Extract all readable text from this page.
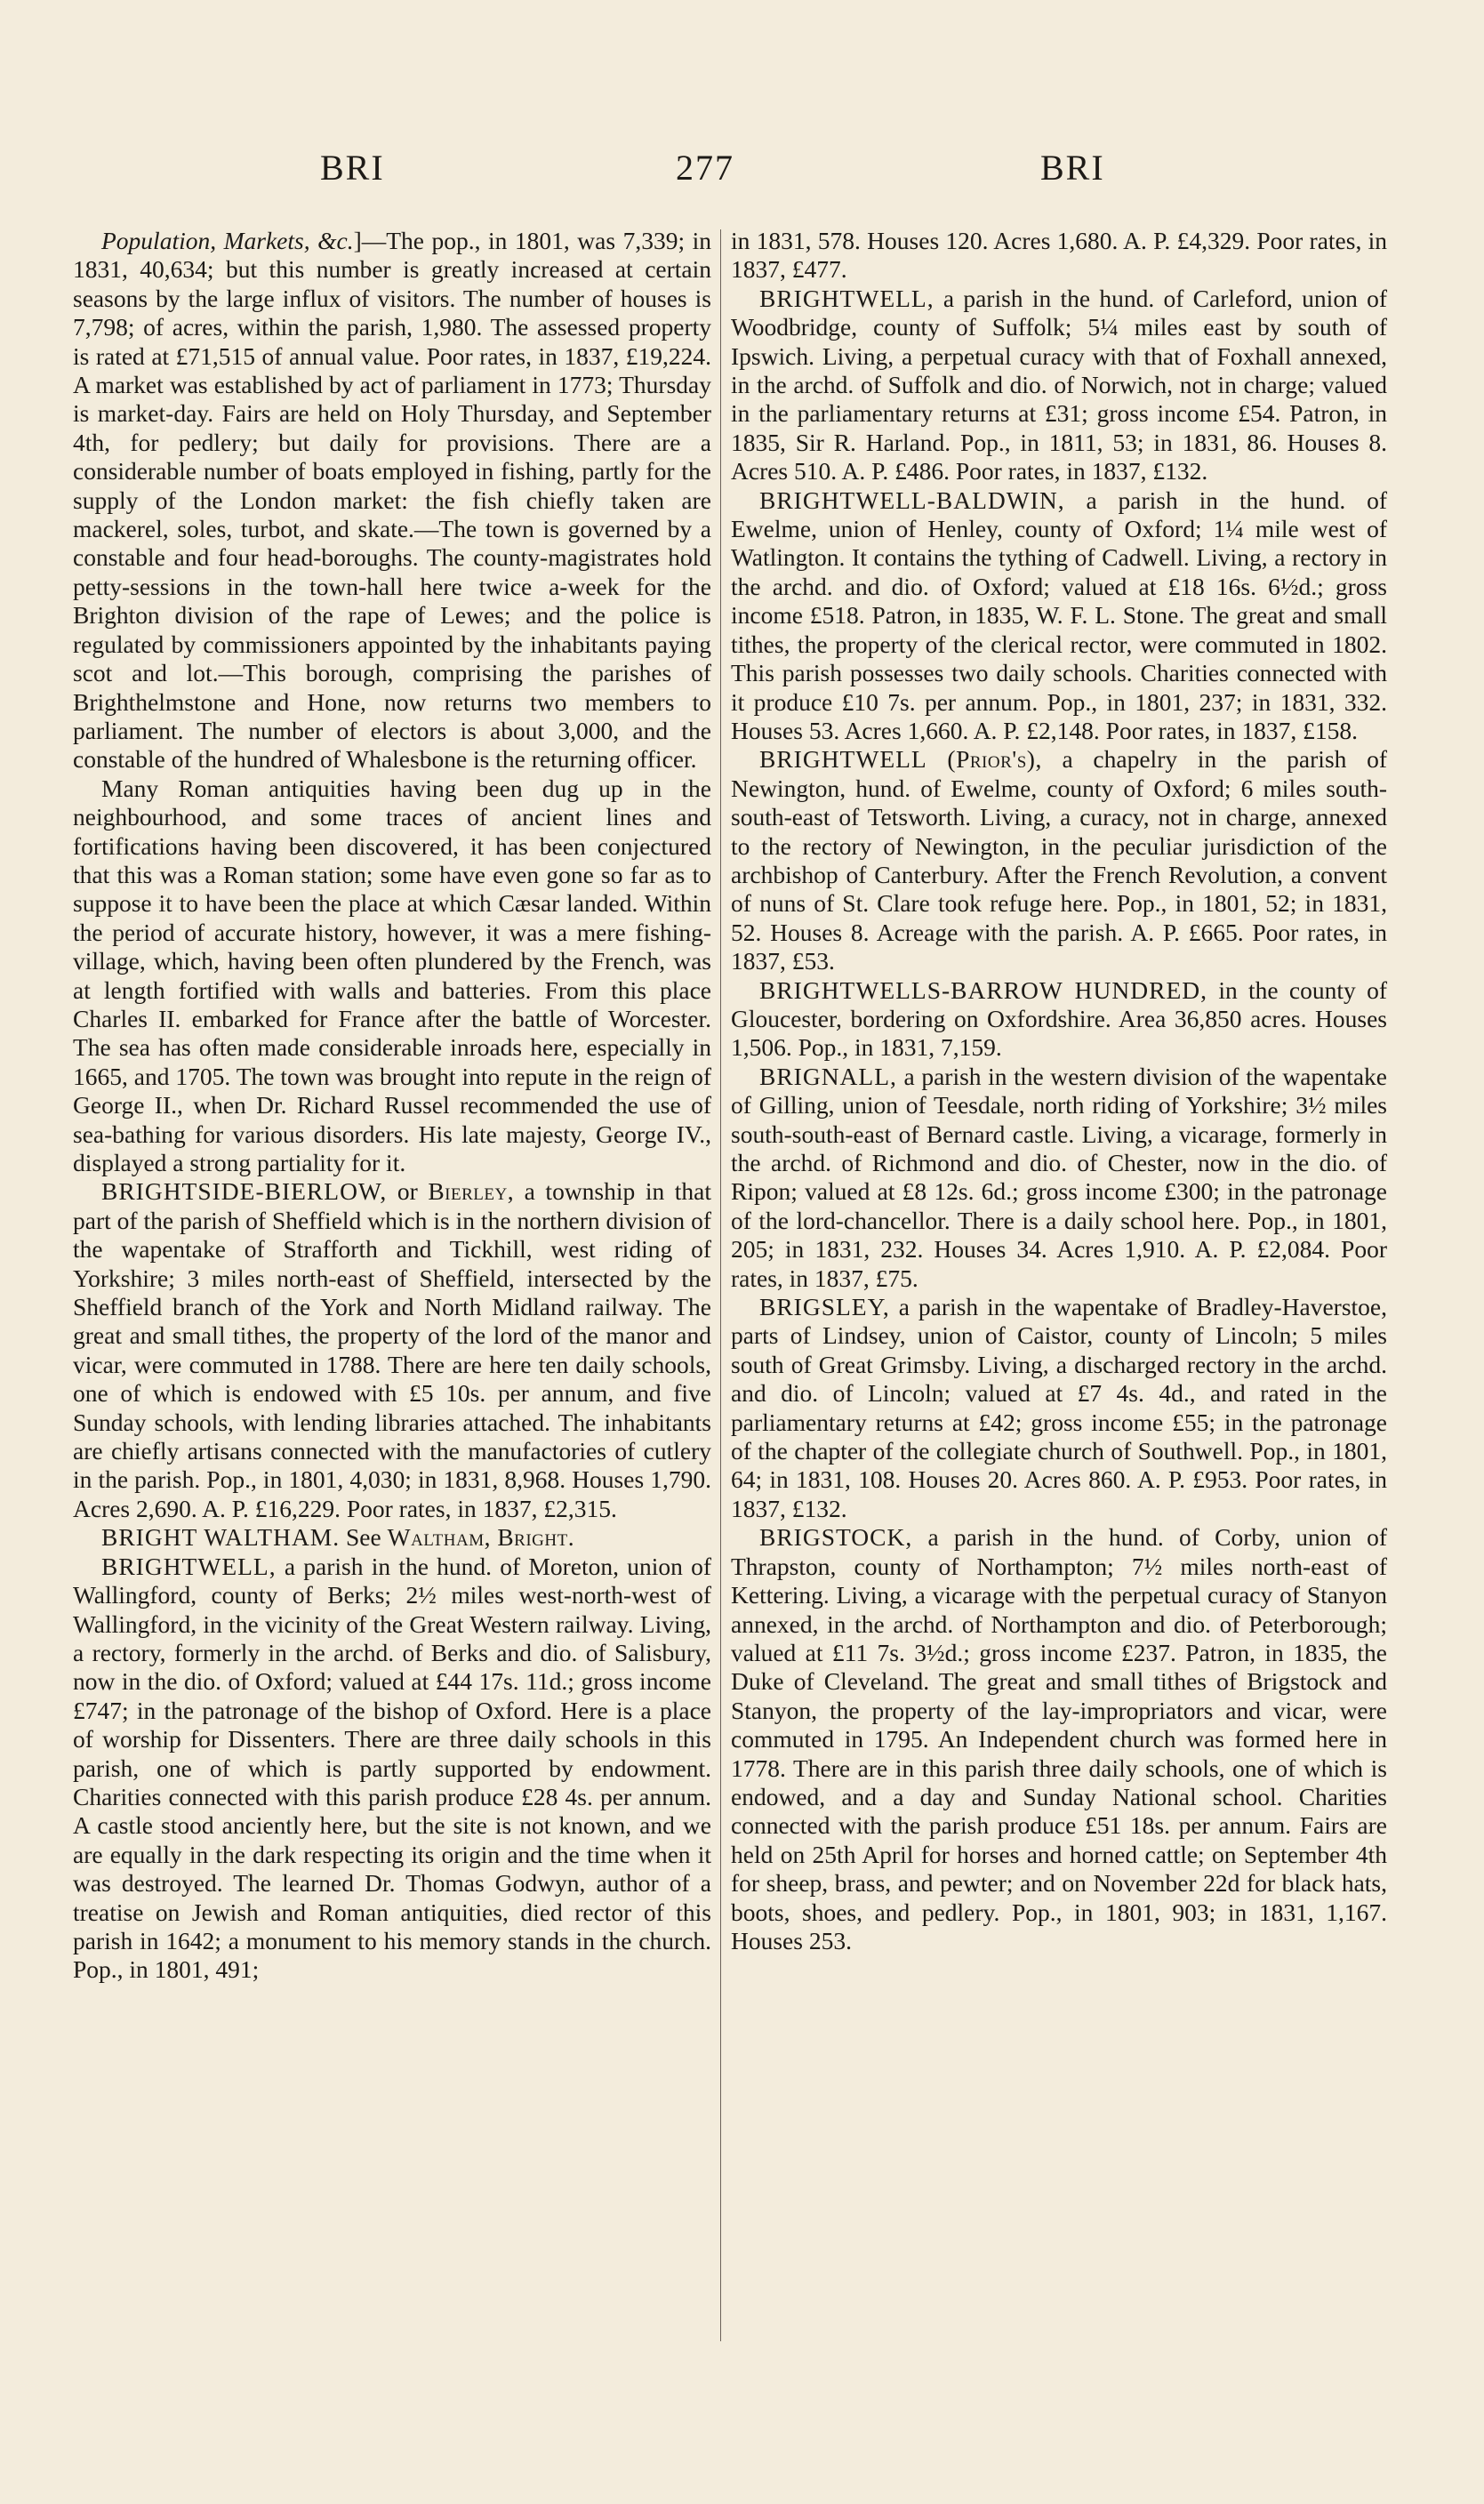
BRI	277	BRI

Population, Markets, &c.]—The pop., in 1801, was 7,339; in 1831, 40,634; but this number is greatly increased at certain seasons by the large influx of visitors. The number of houses is 7,798; of acres, within the parish, 1,980. The assessed property is rated at £71,515 of annual value. Poor rates, in 1837, £19,224. A market was established by act of parliament in 1773; Thursday is market-day. Fairs are held on Holy Thursday, and September 4th, for pedlery; but daily for provisions. There are a considerable number of boats employed in fishing, partly for the supply of the London market: the fish chiefly taken are mackerel, soles, turbot, and skate.—The town is governed by a constable and four head-boroughs. The county-magistrates hold petty-sessions in the town-hall here twice a-week for the Brighton division of the rape of Lewes; and the police is regulated by commissioners appointed by the inhabitants paying scot and lot.—This borough, comprising the parishes of Brighthelmstone and Hone, now returns two members to parliament. The number of electors is about 3,000, and the constable of the hundred of Whalesbone is the returning officer.

Many Roman antiquities having been dug up in the neighbourhood, and some traces of ancient lines and fortifications having been discovered, it has been conjectured that this was a Roman station; some have even gone so far as to suppose it to have been the place at which Cæsar landed. Within the period of accurate history, however, it was a mere fishing-village, which, having been often plundered by the French, was at length fortified with walls and batteries. From this place Charles II. embarked for France after the battle of Worcester. The sea has often made considerable inroads here, especially in 1665, and 1705. The town was brought into repute in the reign of George II., when Dr. Richard Russel recommended the use of sea-bathing for various disorders. His late majesty, George IV., displayed a strong partiality for it.

BRIGHTSIDE-BIERLOW, or Bierley, a township in that part of the parish of Sheffield which is in the northern division of the wapentake of Strafforth and Tickhill, west riding of Yorkshire; 3 miles north-east of Sheffield, intersected by the Sheffield branch of the York and North Midland railway. The great and small tithes, the property of the lord of the manor and vicar, were commuted in 1788. There are here ten daily schools, one of which is endowed with £5 10s. per annum, and five Sunday schools, with lending libraries attached. The inhabitants are chiefly artisans connected with the manufactories of cutlery in the parish. Pop., in 1801, 4,030; in 1831, 8,968. Houses 1,790. Acres 2,690. A. P. £16,229. Poor rates, in 1837, £2,315.

BRIGHT WALTHAM. See Waltham, Bright.

BRIGHTWELL, a parish in the hund. of Moreton, union of Wallingford, county of Berks; 2½ miles west-north-west of Wallingford, in the vicinity of the Great Western railway. Living, a rectory, formerly in the archd. of Berks and dio. of Salisbury, now in the dio. of Oxford; valued at £44 17s. 11d.; gross income £747; in the patronage of the bishop of Oxford. Here is a place of worship for Dissenters. There are three daily schools in this parish, one of which is partly supported by endowment. Charities connected with this parish produce £28 4s. per annum. A castle stood anciently here, but the site is not known, and we are equally in the dark respecting its origin and the time when it was destroyed. The learned Dr. Thomas Godwyn, author of a treatise on Jewish and Roman antiquities, died rector of this parish in 1642; a monument to his memory stands in the church. Pop., in 1801, 491;

in 1831, 578. Houses 120. Acres 1,680. A. P. £4,329. Poor rates, in 1837, £477.

BRIGHTWELL, a parish in the hund. of Carleford, union of Woodbridge, county of Suffolk; 5¼ miles east by south of Ipswich. Living, a perpetual curacy with that of Foxhall annexed, in the archd. of Suffolk and dio. of Norwich, not in charge; valued in the parliamentary returns at £31; gross income £54. Patron, in 1835, Sir R. Harland. Pop., in 1811, 53; in 1831, 86. Houses 8. Acres 510. A. P. £486. Poor rates, in 1837, £132.

BRIGHTWELL-BALDWIN, a parish in the hund. of Ewelme, union of Henley, county of Oxford; 1¼ mile west of Watlington. It contains the tything of Cadwell. Living, a rectory in the archd. and dio. of Oxford; valued at £18 16s. 6½d.; gross income £518. Patron, in 1835, W. F. L. Stone. The great and small tithes, the property of the clerical rector, were commuted in 1802. This parish possesses two daily schools. Charities connected with it produce £10 7s. per annum. Pop., in 1801, 237; in 1831, 332. Houses 53. Acres 1,660. A. P. £2,148. Poor rates, in 1837, £158.

BRIGHTWELL (Prior's), a chapelry in the parish of Newington, hund. of Ewelme, county of Oxford; 6 miles south-south-east of Tetsworth. Living, a curacy, not in charge, annexed to the rectory of Newington, in the peculiar jurisdiction of the archbishop of Canterbury. After the French Revolution, a convent of nuns of St. Clare took refuge here. Pop., in 1801, 52; in 1831, 52. Houses 8. Acreage with the parish. A. P. £665. Poor rates, in 1837, £53.

BRIGHTWELLS-BARROW HUNDRED, in the county of Gloucester, bordering on Oxfordshire. Area 36,850 acres. Houses 1,506. Pop., in 1831, 7,159.

BRIGNALL, a parish in the western division of the wapentake of Gilling, union of Teesdale, north riding of Yorkshire; 3½ miles south-south-east of Bernard castle. Living, a vicarage, formerly in the archd. of Richmond and dio. of Chester, now in the dio. of Ripon; valued at £8 12s. 6d.; gross income £300; in the patronage of the lord-chancellor. There is a daily school here. Pop., in 1801, 205; in 1831, 232. Houses 34. Acres 1,910. A. P. £2,084. Poor rates, in 1837, £75.

BRIGSLEY, a parish in the wapentake of Bradley-Haverstoe, parts of Lindsey, union of Caistor, county of Lincoln; 5 miles south of Great Grimsby. Living, a discharged rectory in the archd. and dio. of Lincoln; valued at £7 4s. 4d., and rated in the parliamentary returns at £42; gross income £55; in the patronage of the chapter of the collegiate church of Southwell. Pop., in 1801, 64; in 1831, 108. Houses 20. Acres 860. A. P. £953. Poor rates, in 1837, £132.

BRIGSTOCK, a parish in the hund. of Corby, union of Thrapston, county of Northampton; 7½ miles north-east of Kettering. Living, a vicarage with the perpetual curacy of Stanyon annexed, in the archd. of Northampton and dio. of Peterborough; valued at £11 7s. 3½d.; gross income £237. Patron, in 1835, the Duke of Cleveland. The great and small tithes of Brigstock and Stanyon, the property of the lay-impropriators and vicar, were commuted in 1795. An Independent church was formed here in 1778. There are in this parish three daily schools, one of which is endowed, and a day and Sunday National school. Charities connected with the parish produce £51 18s. per annum. Fairs are held on 25th April for horses and horned cattle; on September 4th for sheep, brass, and pewter; and on November 22d for black hats, boots, shoes, and pedlery. Pop., in 1801, 903; in 1831, 1,167. Houses 253.
